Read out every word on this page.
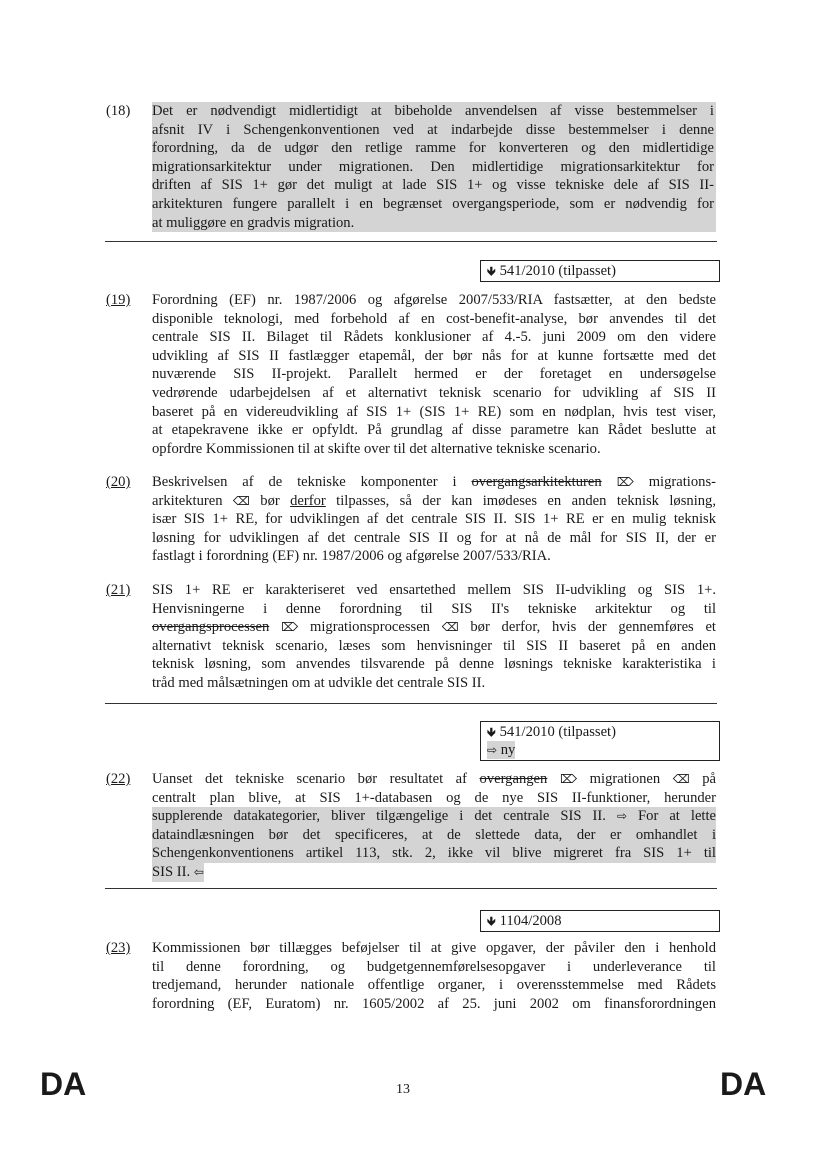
(18) Det er nødvendigt midlertidigt at bibeholde anvendelsen af visse bestemmelser i
afsnit IV i Schengenkonventionen ved at indarbejde disse bestemmelser i denne
forordning, da de udgør den retlige ramme for konverteren og den midlertidige
migrationsarkitektur under migrationen. Den midlertidige migrationsarkitektur for
driften af SIS 1+ gør det muligt at lade SIS 1+ og visse tekniske dele af SIS II-
arkitekturen fungere parallelt i en begrænset overgangsperiode, som er nødvendig for
at muliggøre en gradvis migration.
🡻 541/2010 (tilpasset)
(19) Forordning (EF) nr. 1987/2006 og afgørelse 2007/533/RIA fastsætter, at den bedste
disponible teknologi, med forbehold af en cost-benefit-analyse, bør anvendes til det
centrale SIS II. Bilaget til Rådets konklusioner af 4.-5. juni 2009 om den videre
udvikling af SIS II fastlægger etapemål, der bør nås for at kunne fortsætte med det
nuværende SIS II-projekt. Parallelt hermed er der foretaget en undersøgelse
vedrørende udarbejdelsen af et alternativt teknisk scenario for udvikling af SIS II
baseret på en videreudvikling af SIS 1+ (SIS 1+ RE) som en nødplan, hvis test viser,
at etapekravene ikke er opfyldt. På grundlag af disse parametre kan Rådet beslutte at
opfordre Kommissionen til at skifte over til det alternative tekniske scenario.
(20) Beskrivelsen af de tekniske komponenter i overgangsarkitekturen ⌦ migrations-
arkitekturen ⌫ bør derfor tilpasses, så der kan imødeses en anden teknisk løsning,
især SIS 1+ RE, for udviklingen af det centrale SIS II. SIS 1+ RE er en mulig teknisk
løsning for udviklingen af det centrale SIS II og for at nå de mål for SIS II, der er
fastlagt i forordning (EF) nr. 1987/2006 og afgørelse 2007/533/RIA.
(21) SIS 1+ RE er karakteriseret ved ensartethed mellem SIS II-udvikling og SIS 1+.
Henvisningerne i denne forordning til SIS II's tekniske arkitektur og til
overgangsprocessen ⌦ migrationsprocessen ⌫ bør derfor, hvis der gennemføres et
alternativt teknisk scenario, læses som henvisninger til SIS II baseret på en anden
teknisk løsning, som anvendes tilsvarende på denne løsnings tekniske karakteristika i
tråd med målsætningen om at udvikle det centrale SIS II.
🡻 541/2010 (tilpasset)
⇨ ny
(22) Uanset det tekniske scenario bør resultatet af overgangen ⌦ migrationen ⌫ på
centralt plan blive, at SIS 1+-databasen og de nye SIS II-funktioner, herunder
supplerende datakategorier, bliver tilgængelige i det centrale SIS II. ⇨ For at lette
dataindlæsningen bør det specificeres, at de slettede data, der er omhandlet i
Schengenkonventionens artikel 113, stk. 2, ikke vil blive migreret fra SIS 1+ til
SIS II. ⇦
🡻 1104/2008
(23) Kommissionen bør tillægges beføjelser til at give opgaver, der påviler den i henhold
til denne forordning, og budgetgennemførelsesopgaver i underleverance til
tredjemand, herunder nationale offentlige organer, i overensstemmelse med Rådets
forordning (EF, Euratom) nr. 1605/2002 af 25. juni 2002 om finansforordningen
DA	13	DA
